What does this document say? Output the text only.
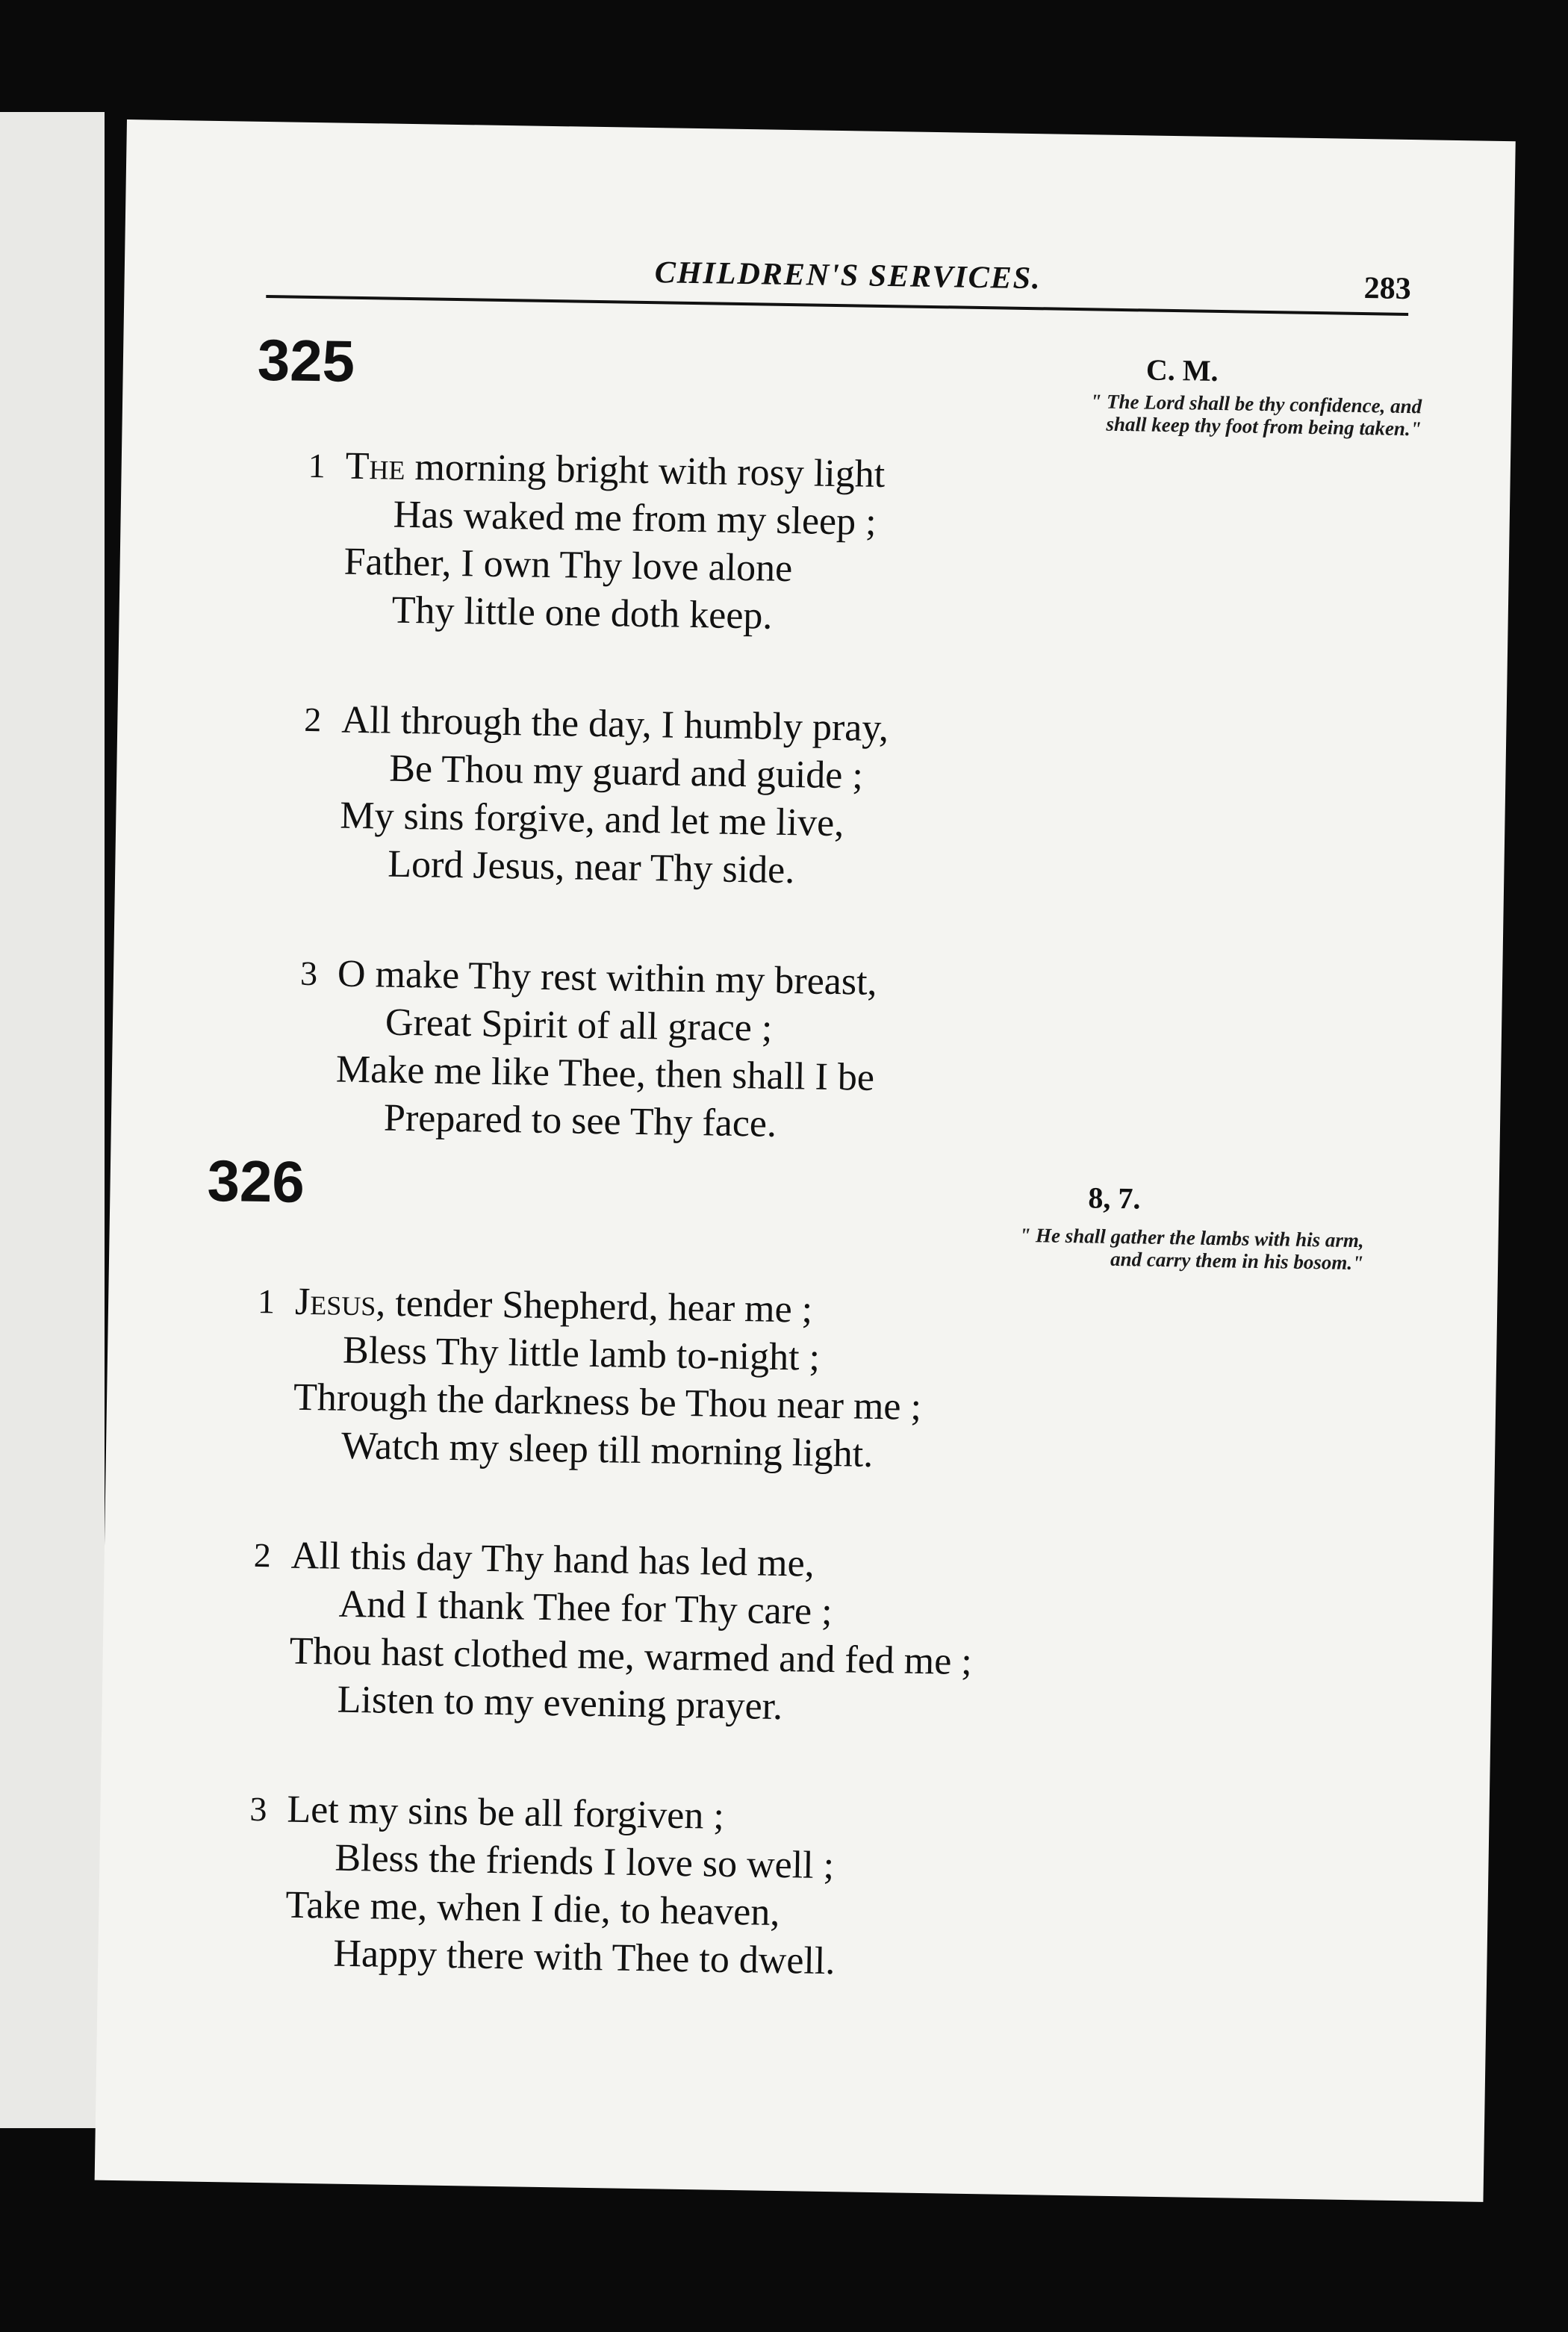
CHILDREN'S SERVICES.	283
325	C. M.
" The Lord shall be thy confidence, and
shall keep thy foot from being taken."
1 The morning bright with rosy light
Has waked me from my sleep ;
Father, I own Thy love alone
Thy little one doth keep.
2 All through the day, I humbly pray,
Be Thou my guard and guide ;
My sins forgive, and let me live,
Lord Jesus, near Thy side.
3 O make Thy rest within my breast,
Great Spirit of all grace ;
Make me like Thee, then shall I be
Prepared to see Thy face.
326	8, 7.
" He shall gather the lambs with his arm,
and carry them in his bosom."
1 Jesus, tender Shepherd, hear me ;
Bless Thy little lamb to-night ;
Through the darkness be Thou near me ;
Watch my sleep till morning light.
2 All this day Thy hand has led me,
And I thank Thee for Thy care ;
Thou hast clothed me, warmed and fed me ;
Listen to my evening prayer.
3 Let my sins be all forgiven ;
Bless the friends I love so well ;
Take me, when I die, to heaven,
Happy there with Thee to dwell.
